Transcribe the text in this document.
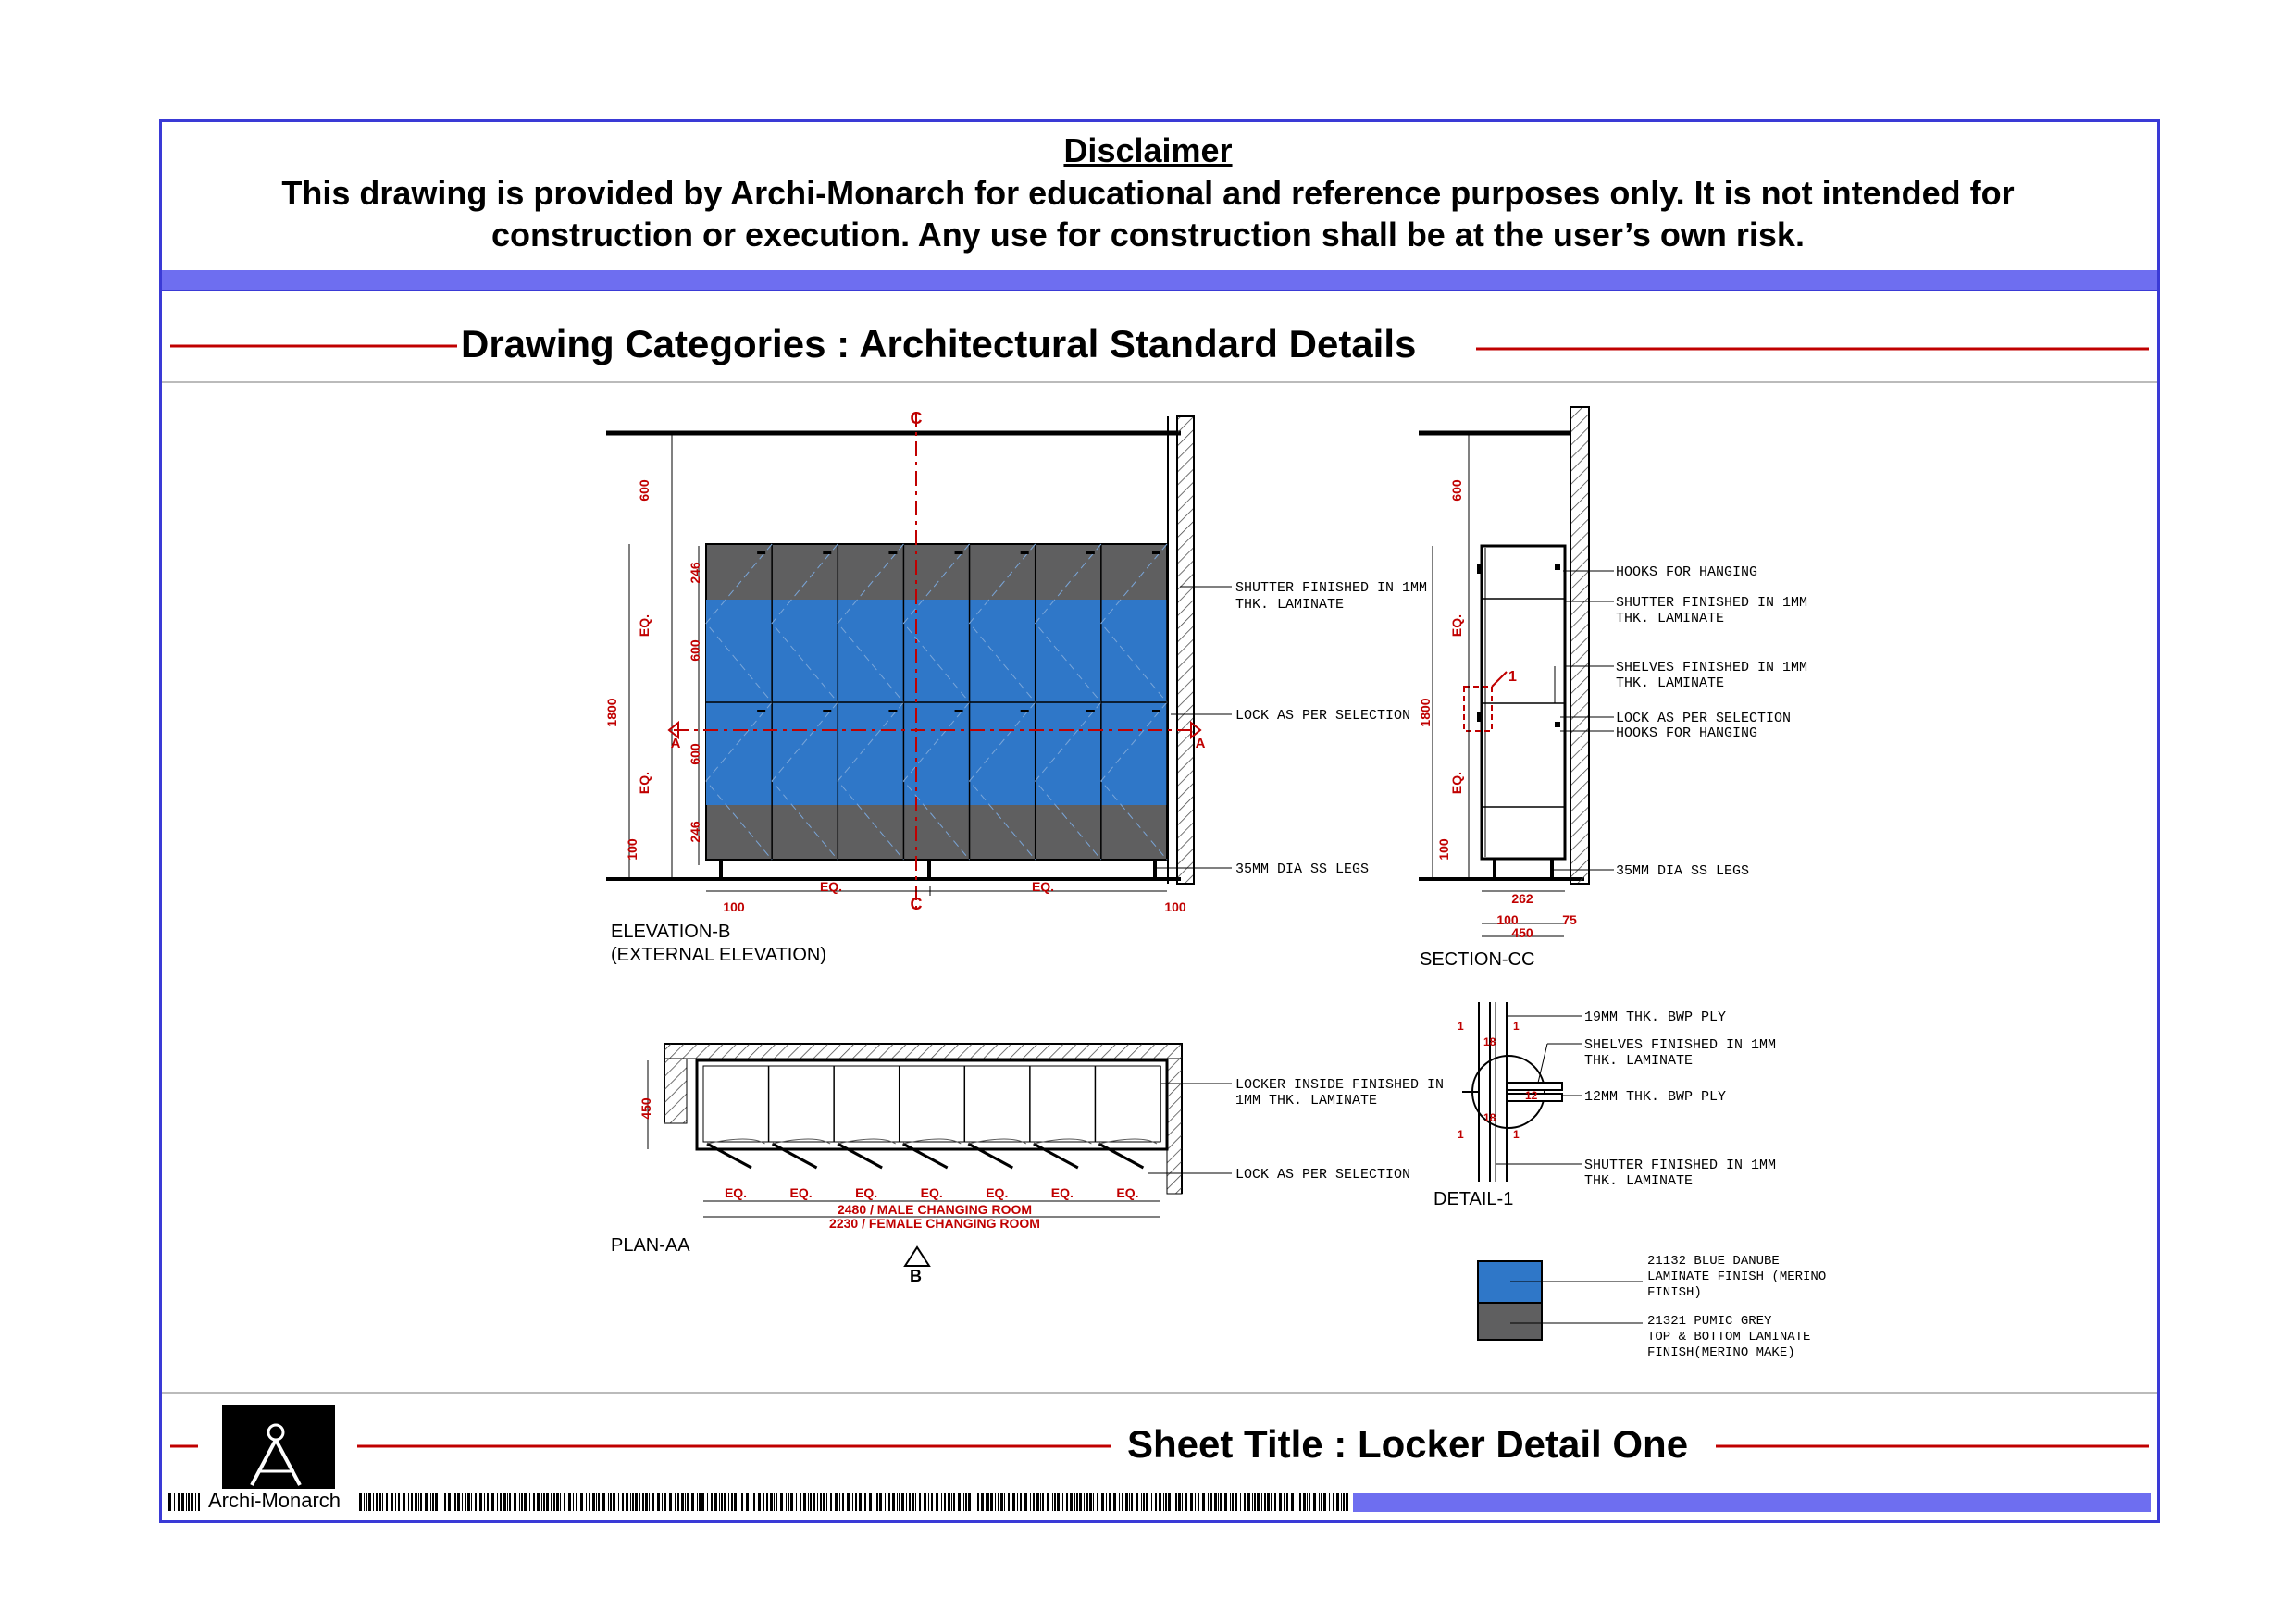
Disclaimer
This drawing is provided by Archi-Monarch for educational and reference purposes only. It is not intended for
construction or execution. Any use for construction shall be at the user’s own risk.
Drawing Categories : Architectural Standard Details
Sheet Title : Locker Detail One
C
C
A	A
600
EQ.
1800
EQ.
100
246
600
600
246
100
EQ.	EQ.
100
SHUTTER FINISHED IN 1MM
THK. LAMINATE
LOCK AS PER SELECTION
35MM DIA SS LEGS
ELEVATION-B
(EXTERNAL ELEVATION)
600
EQ.
1800
EQ.
100
262
100
450
75
1
HOOKS FOR HANGING
SHUTTER FINISHED IN 1MM
THK. LAMINATE
SHELVES FINISHED IN 1MM
THK. LAMINATE
LOCK AS PER SELECTION
HOOKS FOR HANGING
35MM DIA SS LEGS
SECTION-CC
450
EQ.	EQ.	EQ.	EQ.	EQ.	EQ.	EQ.
2480 / MALE CHANGING ROOM
2230 / FEMALE CHANGING ROOM
B
LOCKER INSIDE FINISHED IN
1MM THK. LAMINATE
LOCK AS PER SELECTION
PLAN-AA
1	1
18
12
18
1	1
19MM THK. BWP PLY
SHELVES FINISHED IN 1MM
THK. LAMINATE
12MM THK. BWP PLY
SHUTTER FINISHED IN 1MM
THK. LAMINATE
DETAIL-1
21132 BLUE DANUBE
LAMINATE FINISH (MERINO
FINISH)
21321 PUMIC GREY
TOP & BOTTOM LAMINATE
FINISH(MERINO MAKE)
Archi-Monarch
